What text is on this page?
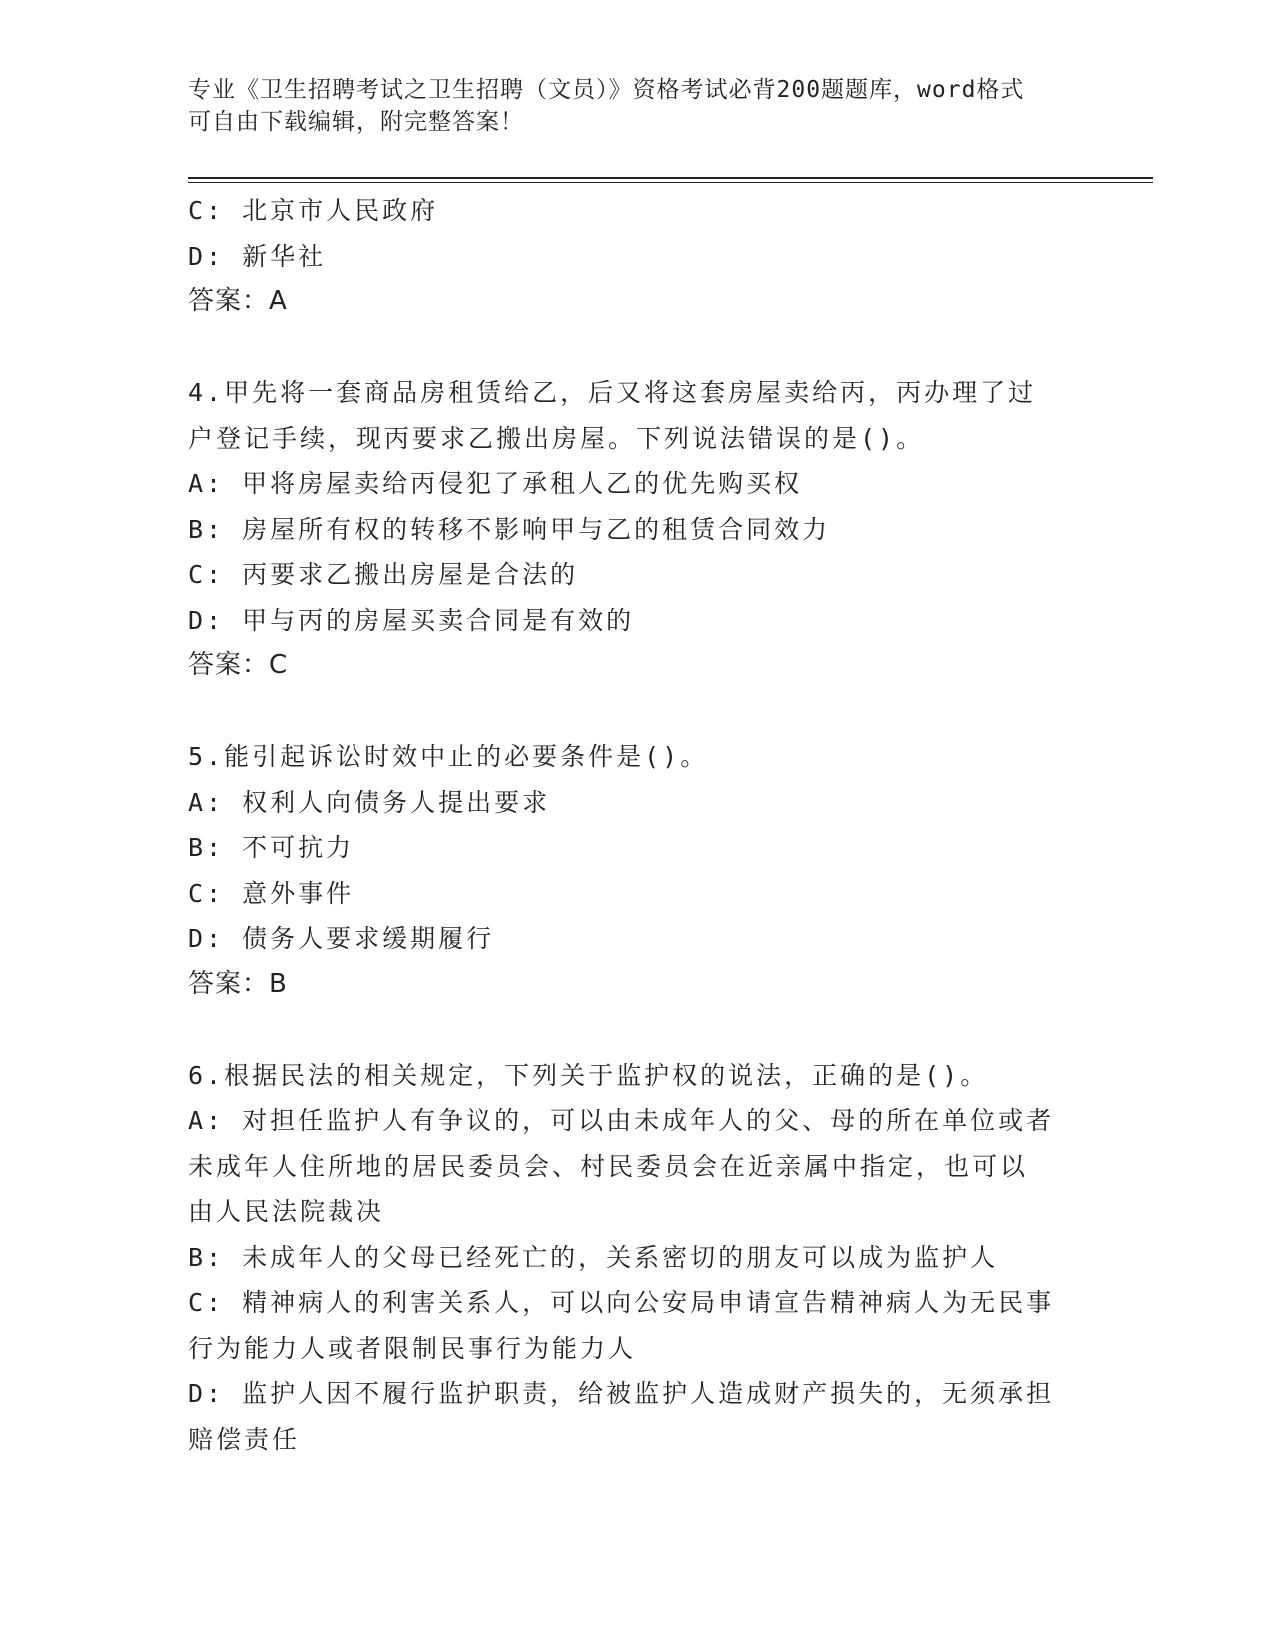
专业《卫生招聘考试之卫生招聘（文员）》资格考试必背200题题库，word格式
可自由下载编辑，附完整答案！
C: 北京市人民政府
D: 新华社
答案：A
4.甲先将一套商品房租赁给乙，后又将这套房屋卖给丙，丙办理了过
户登记手续，现丙要求乙搬出房屋。下列说法错误的是()。
A: 甲将房屋卖给丙侵犯了承租人乙的优先购买权
B: 房屋所有权的转移不影响甲与乙的租赁合同效力
C: 丙要求乙搬出房屋是合法的
D: 甲与丙的房屋买卖合同是有效的
答案：C
5.能引起诉讼时效中止的必要条件是()。
A: 权利人向债务人提出要求
B: 不可抗力
C: 意外事件
D: 债务人要求缓期履行
答案：B
6.根据民法的相关规定，下列关于监护权的说法，正确的是()。
A: 对担任监护人有争议的，可以由未成年人的父、母的所在单位或者
未成年人住所地的居民委员会、村民委员会在近亲属中指定，也可以
由人民法院裁决
B: 未成年人的父母已经死亡的，关系密切的朋友可以成为监护人
C: 精神病人的利害关系人，可以向公安局申请宣告精神病人为无民事
行为能力人或者限制民事行为能力人
D: 监护人因不履行监护职责，给被监护人造成财产损失的，无须承担
赔偿责任
